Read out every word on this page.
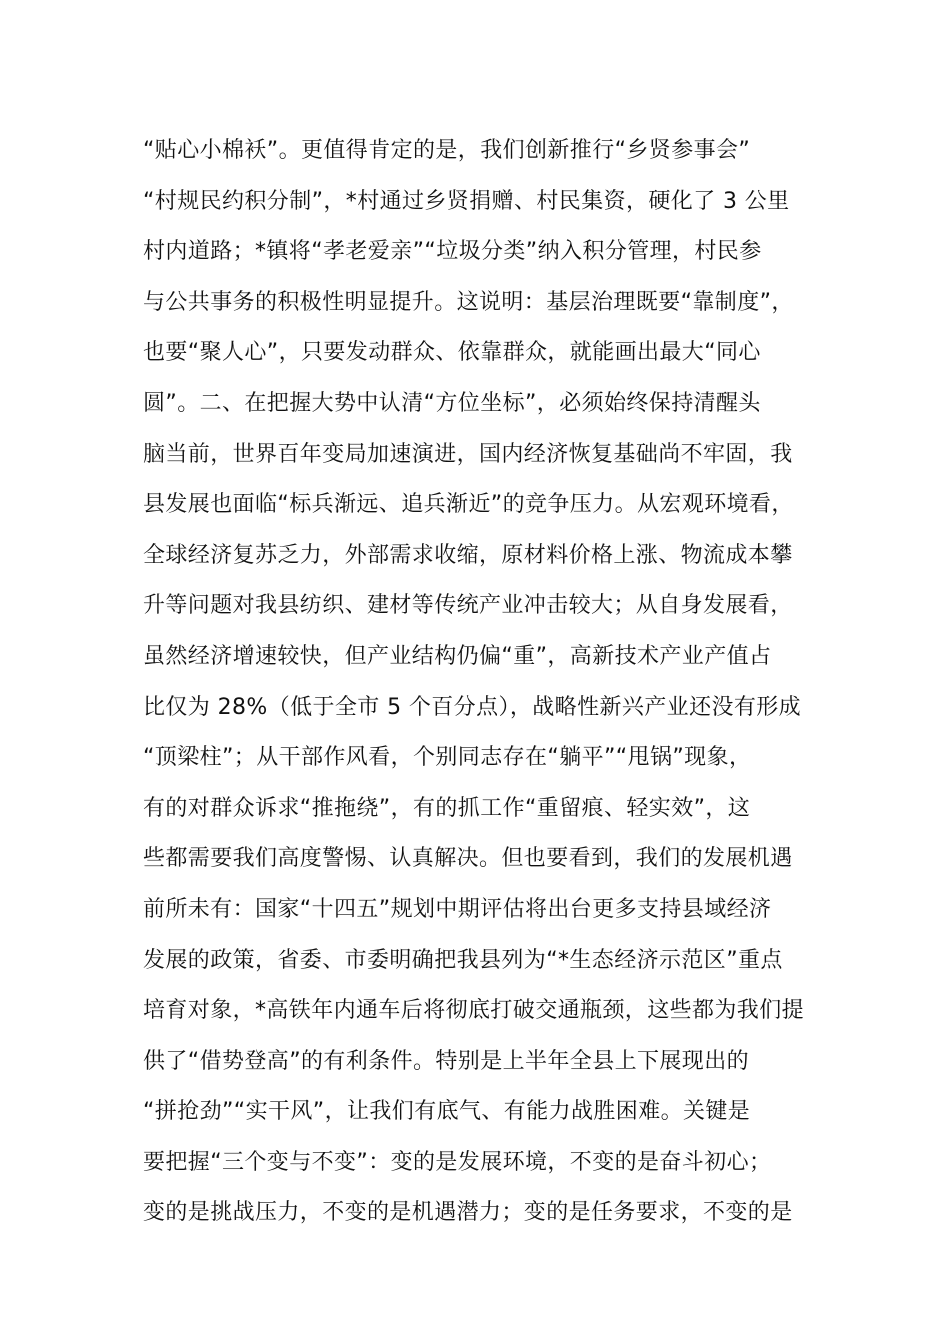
“贴心小棉袄”。更值得肯定的是，我们创新推行“乡贤参事会”
“村规民约积分制”，*村通过乡贤捐赠、村民集资，硬化了 3 公里
村内道路；*镇将“孝老爱亲”“垃圾分类”纳入积分管理，村民参
与公共事务的积极性明显提升。这说明：基层治理既要“靠制度”，
也要“聚人心”，只要发动群众、依靠群众，就能画出最大“同心
圆”。二、在把握大势中认清“方位坐标”，必须始终保持清醒头
脑当前，世界百年变局加速演进，国内经济恢复基础尚不牢固，我
县发展也面临“标兵渐远、追兵渐近”的竞争压力。从宏观环境看，
全球经济复苏乏力，外部需求收缩，原材料价格上涨、物流成本攀
升等问题对我县纺织、建材等传统产业冲击较大；从自身发展看，
虽然经济增速较快，但产业结构仍偏“重”，高新技术产业产值占
比仅为 28%（低于全市 5 个百分点），战略性新兴产业还没有形成
“顶梁柱”；从干部作风看，个别同志存在“躺平”“甩锅”现象，
有的对群众诉求“推拖绕”，有的抓工作“重留痕、轻实效”，这
些都需要我们高度警惕、认真解决。但也要看到，我们的发展机遇
前所未有：国家“十四五”规划中期评估将出台更多支持县域经济
发展的政策，省委、市委明确把我县列为“*生态经济示范区”重点
培育对象，*高铁年内通车后将彻底打破交通瓶颈，这些都为我们提
供了“借势登高”的有利条件。特别是上半年全县上下展现出的
“拼抢劲”“实干风”，让我们有底气、有能力战胜困难。关键是
要把握“三个变与不变”：变的是发展环境，不变的是奋斗初心；
变的是挑战压力，不变的是机遇潜力；变的是任务要求，不变的是
